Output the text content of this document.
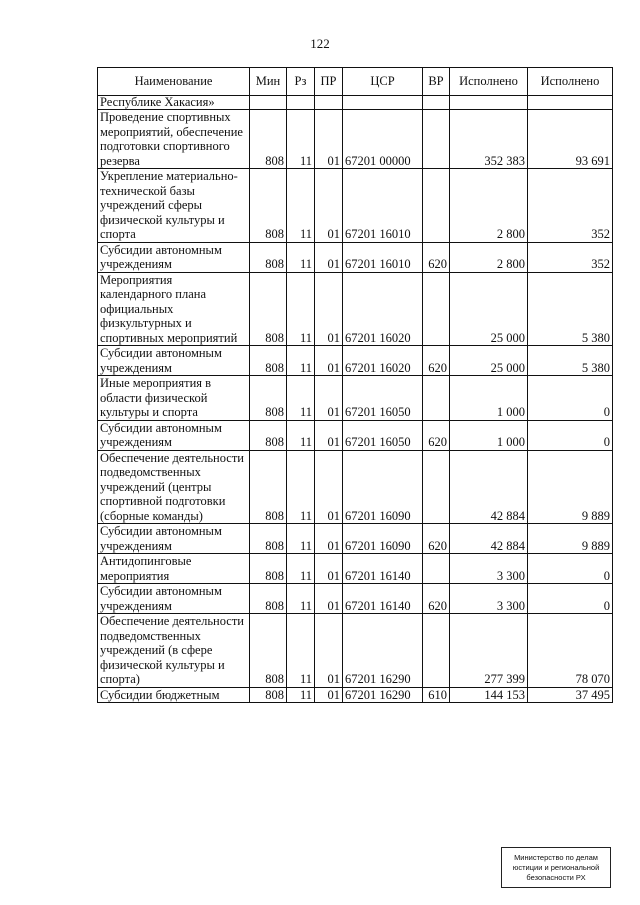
122
Наименование	Мин	Рз	ПР	ЦСР	ВР	Исполнено	Исполнено
Республике Хакасия»							
Проведение спортивных мероприятий, обеспечение подготовки спортивного резерва	808	11	01	67201 00000		352 383	93 691
Укрепление материально-технической базы учреждений сферы физической культуры и спорта	808	11	01	67201 16010		2 800	352
Субсидии автономным учреждениям	808	11	01	67201 16010	620	2 800	352
Мероприятия календарного плана официальных физкультурных и спортивных мероприятий	808	11	01	67201 16020		25 000	5 380
Субсидии автономным учреждениям	808	11	01	67201 16020	620	25 000	5 380
Иные мероприятия в области физической культуры и спорта	808	11	01	67201 16050		1 000	0
Субсидии автономным учреждениям	808	11	01	67201 16050	620	1 000	0
Обеспечение деятельности подведомственных учреждений (центры спортивной подготовки (сборные команды)	808	11	01	67201 16090		42 884	9 889
Субсидии автономным учреждениям	808	11	01	67201 16090	620	42 884	9 889
Антидопинговые мероприятия	808	11	01	67201 16140		3 300	0
Субсидии автономным учреждениям	808	11	01	67201 16140	620	3 300	0
Обеспечение деятельности подведомственных учреждений (в сфере физической культуры и спорта)	808	11	01	67201 16290		277 399	78 070
Субсидии бюджетным	808	11	01	67201 16290	610	144 153	37 495
Министерство по делам
юстиции и региональной
безопасности РХ
